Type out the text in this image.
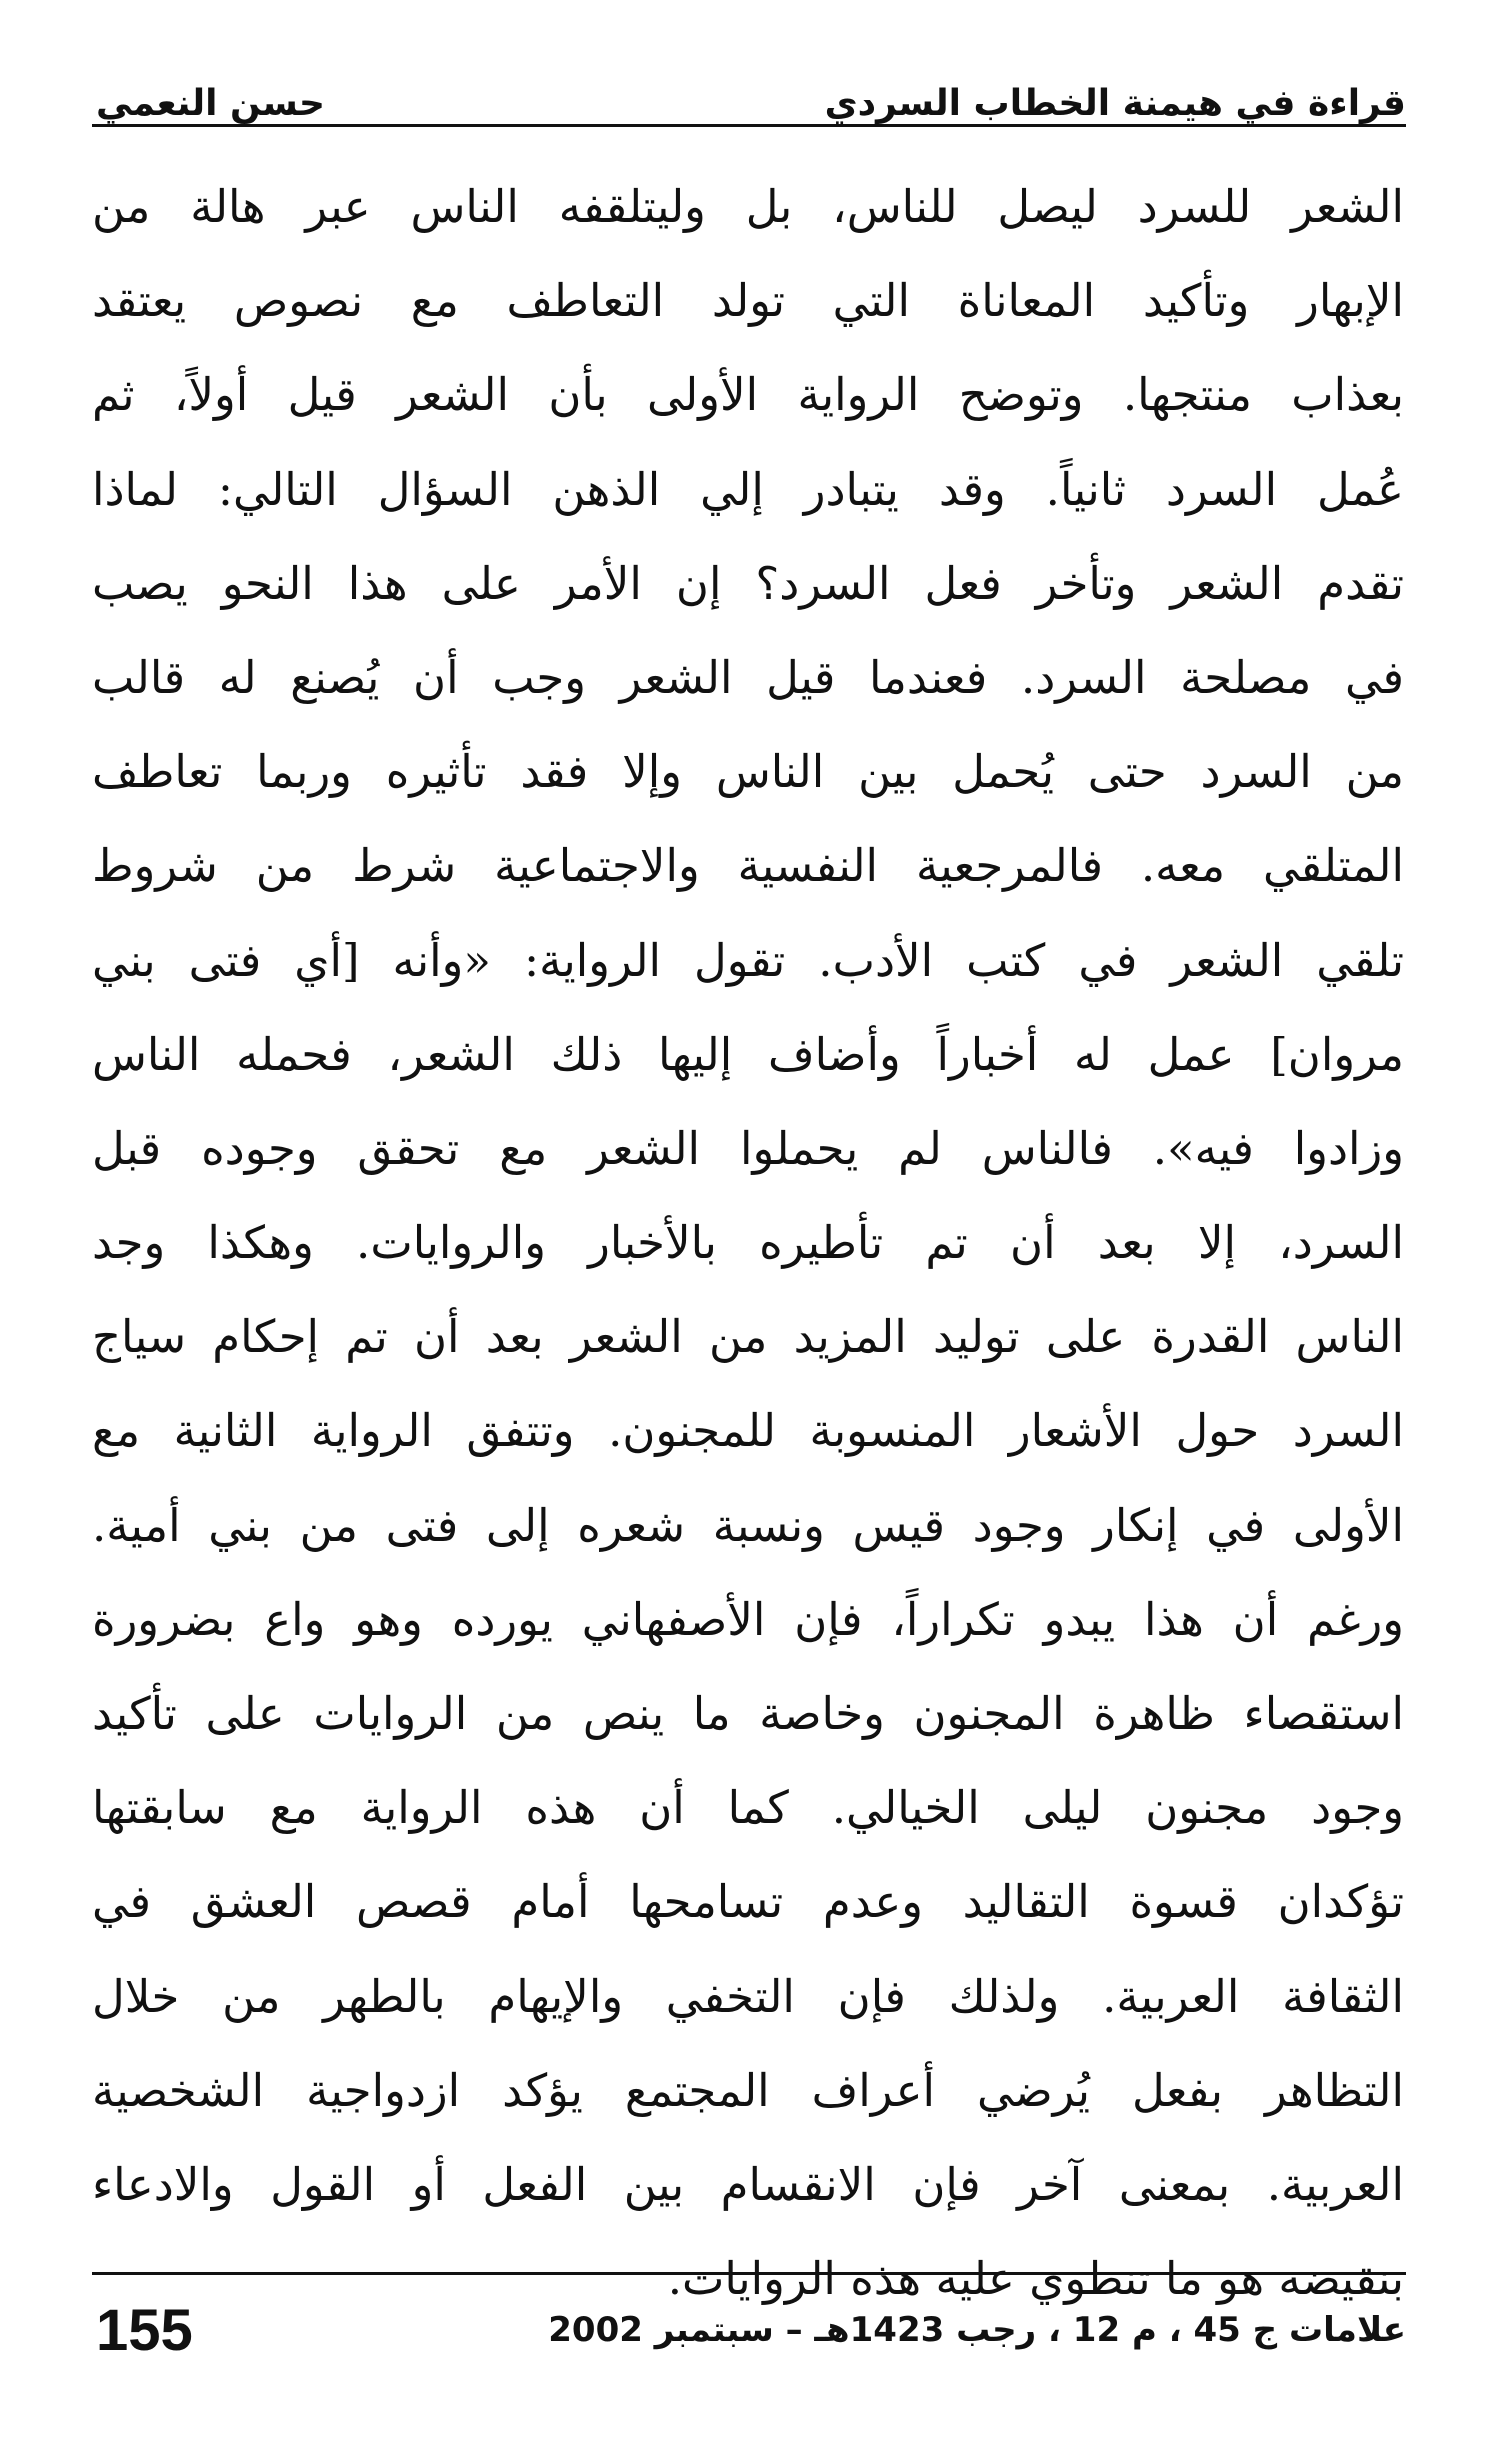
قراءة في هيمنة الخطاب السردي
حسن النعمي
الشعر للسرد ليصل للناس، بل وليتلقفه الناس عبر هالة من
الإبهار وتأكيد المعاناة التي تولد التعاطف مع نصوص يعتقد
بعذاب منتجها. وتوضح الرواية الأولى بأن الشعر قيل أولاً، ثم
عُمل السرد ثانياً. وقد يتبادر إلي الذهن السؤال التالي: لماذا
تقدم الشعر وتأخر فعل السرد؟ إن الأمر على هذا النحو يصب
في مصلحة السرد. فعندما قيل الشعر وجب أن يُصنع له قالب
من السرد حتى يُحمل بين الناس وإلا فقد تأثيره وربما تعاطف
المتلقي معه. فالمرجعية النفسية والاجتماعية شرط من شروط
تلقي الشعر في كتب الأدب. تقول الرواية: «وأنه [أي فتى بني
مروان] عمل له أخباراً وأضاف إليها ذلك الشعر، فحمله الناس
وزادوا فيه». فالناس لم يحملوا الشعر مع تحقق وجوده قبل
السرد، إلا بعد أن تم تأطيره بالأخبار والروايات. وهكذا وجد
الناس القدرة على توليد المزيد من الشعر بعد أن تم إحكام سياج
السرد حول الأشعار المنسوبة للمجنون. وتتفق الرواية الثانية مع
الأولى في إنكار وجود قيس ونسبة شعره إلى فتى من بني أمية.
ورغم أن هذا يبدو تكراراً، فإن الأصفهاني يورده وهو واع بضرورة
استقصاء ظاهرة المجنون وخاصة ما ينص من الروايات على تأكيد
وجود مجنون ليلى الخيالي. كما أن هذه الرواية مع سابقتها
تؤكدان قسوة التقاليد وعدم تسامحها أمام قصص العشق في
الثقافة العربية. ولذلك فإن التخفي والإيهام بالطهر من خلال
التظاهر بفعل يُرضي أعراف المجتمع يؤكد ازدواجية الشخصية
العربية. بمعنى آخر فإن الانقسام بين الفعل أو القول والادعاء
بنقيضه هو ما تنطوي عليه هذه الروايات.
علامات ج 45 ، م 12 ، رجب 1423هـ – سبتمبر 2002
155
